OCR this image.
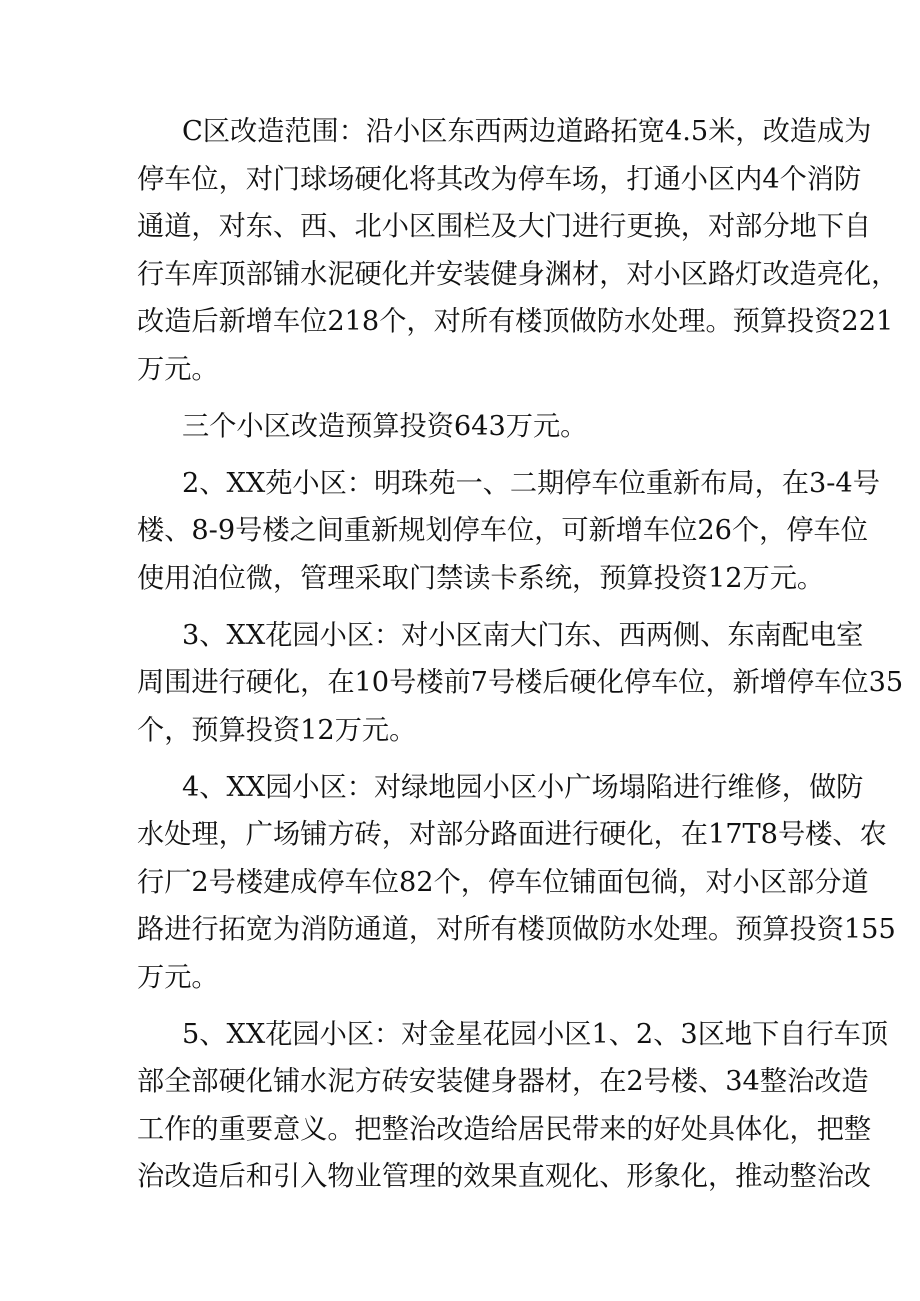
C区改造范围：沿小区东西两边道路拓宽4.5米，改造成为
停车位，对门球场硬化将其改为停车场，打通小区内4个消防
通道，对东、西、北小区围栏及大门进行更换，对部分地下自
行车库顶部铺水泥硬化并安装健身渊材，对小区路灯改造亮化，
改造后新增车位218个，对所有楼顶做防水处理。预算投资221
万元。

三个小区改造预算投资643万元。

2、XX苑小区：明珠苑一、二期停车位重新布局，在3-4号
楼、8-9号楼之间重新规划停车位，可新增车位26个，停车位
使用泊位微，管理采取门禁读卡系统，预算投资12万元。

3、XX花园小区：对小区南大门东、西两侧、东南配电室
周围进行硬化，在10号楼前7号楼后硬化停车位，新增停车位35
个，预算投资12万元。

4、XX园小区：对绿地园小区小广场塌陷进行维修，做防
水处理，广场铺方砖，对部分路面进行硬化，在17T8号楼、农
行厂2号楼建成停车位82个，停车位铺面包徜，对小区部分道
路进行拓宽为消防通道，对所有楼顶做防水处理。预算投资155
万元。

5、XX花园小区：对金星花园小区1、2、3区地下自行车顶
部全部硬化铺水泥方砖安装健身器材，在2号楼、34整治改造
工作的重要意义。把整治改造给居民带来的好处具体化，把整
治改造后和引入物业管理的效果直观化、形象化，推动整治改
